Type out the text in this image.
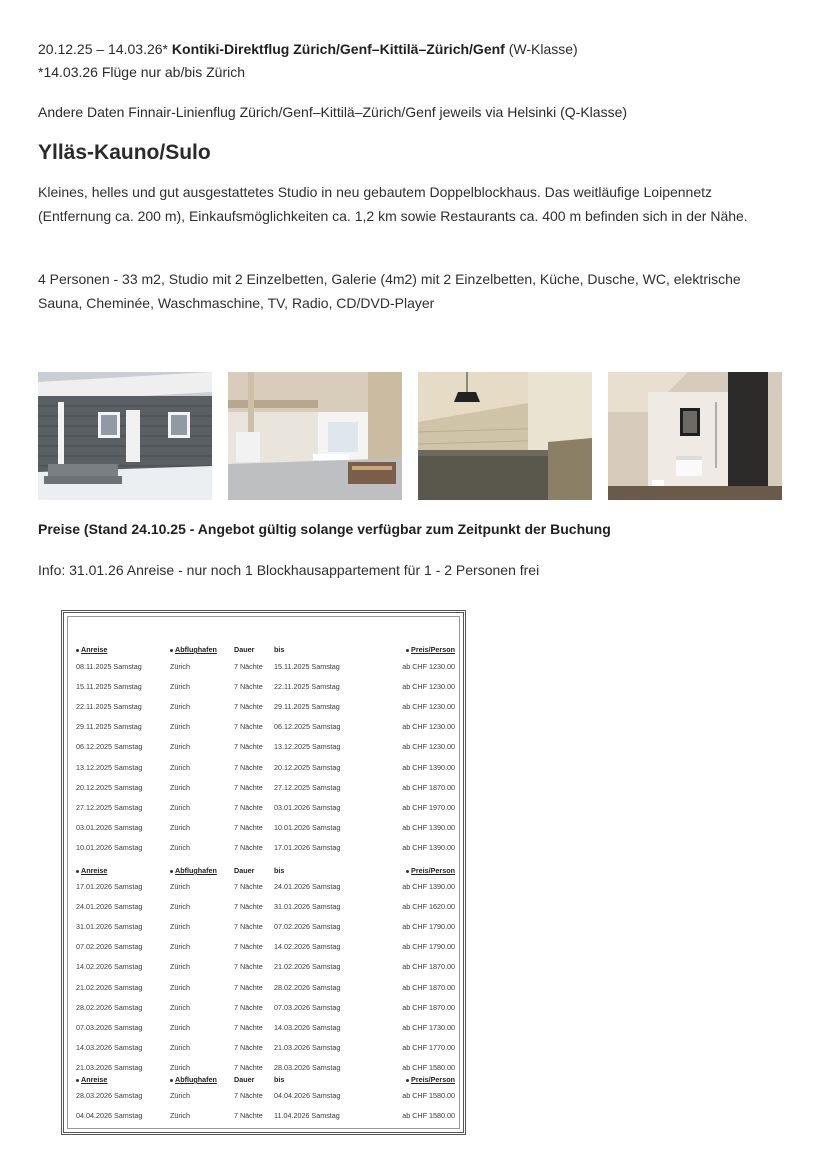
20.12.25 – 14.03.26* Kontiki-Direktflug Zürich/Genf–Kittilä–Zürich/Genf (W-Klasse)
*14.03.26 Flüge nur ab/bis Zürich
Andere Daten Finnair-Linienflug Zürich/Genf–Kittilä–Zürich/Genf jeweils via Helsinki (Q-Klasse)
Ylläs-Kauno/Sulo

Kleines, helles und gut ausgestattetes Studio in neu gebautem Doppelblockhaus. Das weitläufige Loipennetz (Entfernung ca. 200 m), Einkaufsmöglichkeiten ca. 1,2 km sowie Restaurants ca. 400 m befinden sich in der Nähe.

4 Personen - 33 m2, Studio mit 2 Einzelbetten, Galerie (4m2) mit 2 Einzelbetten, Küche, Dusche, WC, elektrische Sauna, Cheminée, Waschmaschine, TV, Radio, CD/DVD-Player

Preise (Stand 24.10.25 - Angebot gültig solange verfügbar zum Zeitpunkt der Buchung
Info: 31.01.26 Anreise - nur noch 1 Blockhausappartement für 1 - 2 Personen frei
Anreise	Abflughafen Dauer	bis	Preis/Person
08.11.2025 Samstag	Zürich	7 Nächte 15.11.2025 Samstag	ab CHF 1230.00
15.11.2025 Samstag	Zürich	7 Nächte 22.11.2025 Samstag	ab CHF 1230.00
22.11.2025 Samstag	Zürich	7 Nächte 29.11.2025 Samstag	ab CHF 1230.00
29.11.2025 Samstag	Zürich	7 Nächte 06.12.2025 Samstag	ab CHF 1230.00
06.12.2025 Samstag	Zürich	7 Nächte 13.12.2025 Samstag	ab CHF 1230.00
13.12.2025 Samstag	Zürich	7 Nächte 20.12.2025 Samstag	ab CHF 1390.00
20.12.2025 Samstag	Zürich	7 Nächte 27.12.2025 Samstag	ab CHF 1870.00
27.12.2025 Samstag	Zürich	7 Nächte 03.01.2026 Samstag	ab CHF 1970.00
03.01.2026 Samstag	Zürich	7 Nächte 10.01.2026 Samstag	ab CHF 1390.00
10.01.2026 Samstag	Zürich	7 Nächte 17.01.2026 Samstag	ab CHF 1390.00
Anreise	Abflughafen Dauer	bis	Preis/Person
17.01.2026 Samstag	Zürich	7 Nächte 24.01.2026 Samstag	ab CHF 1390.00
24.01.2026 Samstag	Zürich	7 Nächte 31.01.2026 Samstag	ab CHF 1620.00
31.01.2026 Samstag	Zürich	7 Nächte 07.02.2026 Samstag	ab CHF 1790.00
07.02.2026 Samstag	Zürich	7 Nächte 14.02.2026 Samstag	ab CHF 1790.00
14.02.2026 Samstag	Zürich	7 Nächte 21.02.2026 Samstag	ab CHF 1870.00
21.02.2026 Samstag	Zürich	7 Nächte 28.02.2026 Samstag	ab CHF 1870.00
28.02.2026 Samstag	Zürich	7 Nächte 07.03.2026 Samstag	ab CHF 1870.00
07.03.2026 Samstag	Zürich	7 Nächte 14.03.2026 Samstag	ab CHF 1730.00
14.03.2026 Samstag	Zürich	7 Nächte 21.03.2026 Samstag	ab CHF 1770.00
21.03.2026 Samstag	Zürich	7 Nächte 28.03.2026 Samstag	ab CHF 1580.00
Anreise	Abflughafen Dauer	bis	Preis/Person
28.03.2026 Samstag	Zürich	7 Nächte 04.04.2026 Samstag	ab CHF 1580.00
04.04.2026 Samstag	Zürich	7 Nächte 11.04.2026 Samstag	ab CHF 1580.00
